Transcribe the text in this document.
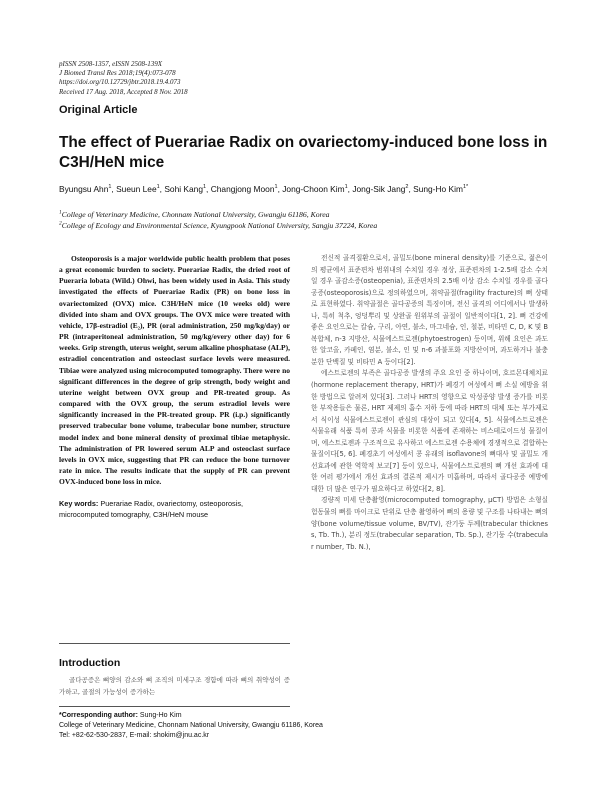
pISSN 2508-1357, eISSN 2508-139X
J Biomed Transl Res 2018;19(4):073-078
https://doi.org/10.12729/jbtr.2018.19.4.073
Received 17 Aug. 2018, Accepted 8 Nov. 2018
Original Article
The effect of Puerariae Radix on ovariectomy-induced bone loss in C3H/HeN mice
Byungsu Ahn$^1$, Sueun Lee$^1$, Sohi Kang$^1$, Changjong Moon$^1$, Jong-Choon Kim$^1$, Jong-Sik Jang$^2$, Sung-Ho Kim$^{1*}$
$^1$College of Veterinary Medicine, Chonnam National University, Gwangju 61186, Korea
$^2$College of Ecology and Environmental Science, Kyungpook National University, Sangju 37224, Korea

Osteoporosis is a major worldwide public health problem that poses a great economic burden to society. Puerariae Radix, the dried root of Pueraria lobata (Wild.) Ohwi, has been widely used in Asia. This study investigated the effects of Puerariae Radix (PR) on bone loss in ovariectomized (OVX) mice. C3H/HeN mice (10 weeks old) were divided into sham and OVX groups. The OVX mice were treated with vehicle, 17β-estradiol (E₂), PR (oral administration, 250 mg/kg/day) or PR (intraperitoneal administration, 50 mg/kg/every other day) for 6 weeks. Grip strength, uterus weight, serum alkaline phosphatase (ALP), estradiol concentration and osteoclast surface levels were measured. Tibiae were analyzed using microcomputed tomography. There were no significant differences in the degree of grip strength, body weight and uterine weight between OVX group and PR-treated group. As compared with the OVX group, the serum estradiol levels were significantly increased in the PR-treated group. PR (i.p.) significantly preserved trabecular bone volume, trabecular bone number, structure model index and bone mineral density of proximal tibiae metaphysic. The administration of PR lowered serum ALP and osteoclast surface levels in OVX mice, suggesting that PR can reduce the bone turnover rate in mice. The results indicate that the supply of PR can prevent OVX-induced bone loss in mice.

Key words: Puerariae Radix, ovariectomy, osteoporosis, microcomputed tomography, C3H/HeN mouse
Introduction

골다공증은 뼈양의 감소와 뼈 조직의 미세구조 경함에 따라 뼈의 취약성이 증가하고, 골절의 가능성이 증가하는

*Corresponding author: Sung-Ho Kim
College of Veterinary Medicine, Chonnam National University, Gwangju 61186, Korea
Tel: +82-62-530-2837, E-mail: shokim@jnu.ac.kr

전신적 골격질환으로서, 골밀도(bone mineral density)를 기준으로, 젊은이의 평균에서 표준편차 범위내의 수치일 경우 정상, 표준편차의 1-2.5배 감소 수치일 경우 골감소증(osteopenia), 표준편차의 2.5배 이상 감소 수치일 경우를 골다공증(osteoporosis)으로 정의하였으며, 취약골절(fragility fracture)의 뼈 상태로 표현하였다. 취약골절은 골다공증의 특징이며, 전신 골격의 어디에서나 발생하나, 특히 척추, 엉덩뿌리 및 상완골 원위부의 골절이 일반적이다[1, 2]. 뼈 건강에 좋은 요인으로는 칼슘, 구리, 아연, 불소, 마그네슘, 인, 철분, 비타민 C, D, K 및 B 복합체, n-3 지방산, 식물에스트로젠(phytoestrogen) 등이며, 위해 요인은 과도한 알코올, 카페인, 염분, 불소, 인 및 n-6 과불포화 지방산이며, 과도하거나 불충분한 단백질 및 비타민 A 등이다[2].

에스트로젠의 부족은 골다공증 발생의 주요 요인 중 하나이며, 호르몬대체치료(hormone replacement therapy, HRT)가 폐경기 여성에서 뼈 소실 예방을 위한 방법으로 알려져 있다[3]. 그러나 HRT의 영향으로 악성종양 발생 증가를 비롯한 부작용들은 물론, HRT 제제의 흡수 저하 등에 따라 HRT의 대체 또는 부가제로서 식이성 식물에스트로젠이 관심의 대상이 되고 있다[4, 5]. 식물에스트로젠은 식물유래 식품 특히 콩과 식물을 비롯한 식품에 존재하는 비스테로이드성 물질이며, 에스트로젠과 구조적으로 유사하고 에스트로젠 수용체에 경쟁적으로 결합하는 물질이다[5, 6]. 폐경초기 여성에서 콩 유래의 isoflavone의 뼈대사 및 골밀도 개선효과에 관한 역학적 보고[7] 등이 있으나, 식물에스트로젠의 뼈 개선 효과에 대한 여러 평가에서 개선 효과의 결론적 제시가 미흡하며, 따라서 골다공증 예방에 대한 더 많은 연구가 필요하다고 하였다[2, 8].

경량적 미세 단층촬영(microcomputed tomography, μCT) 방법은 소형실험동물의 뼈를 마이크로 단위로 단층 촬영하여 뼈의 용량 및 구조를 나타내는 뼈의 양(bone volume/tissue volume, BV/TV), 잔기둥 두께(trabecular thickness, Tb. Th.), 분리 정도(trabecular separation, Tb. Sp.), 잔기둥 수(trabecular number, Tb. N.),
